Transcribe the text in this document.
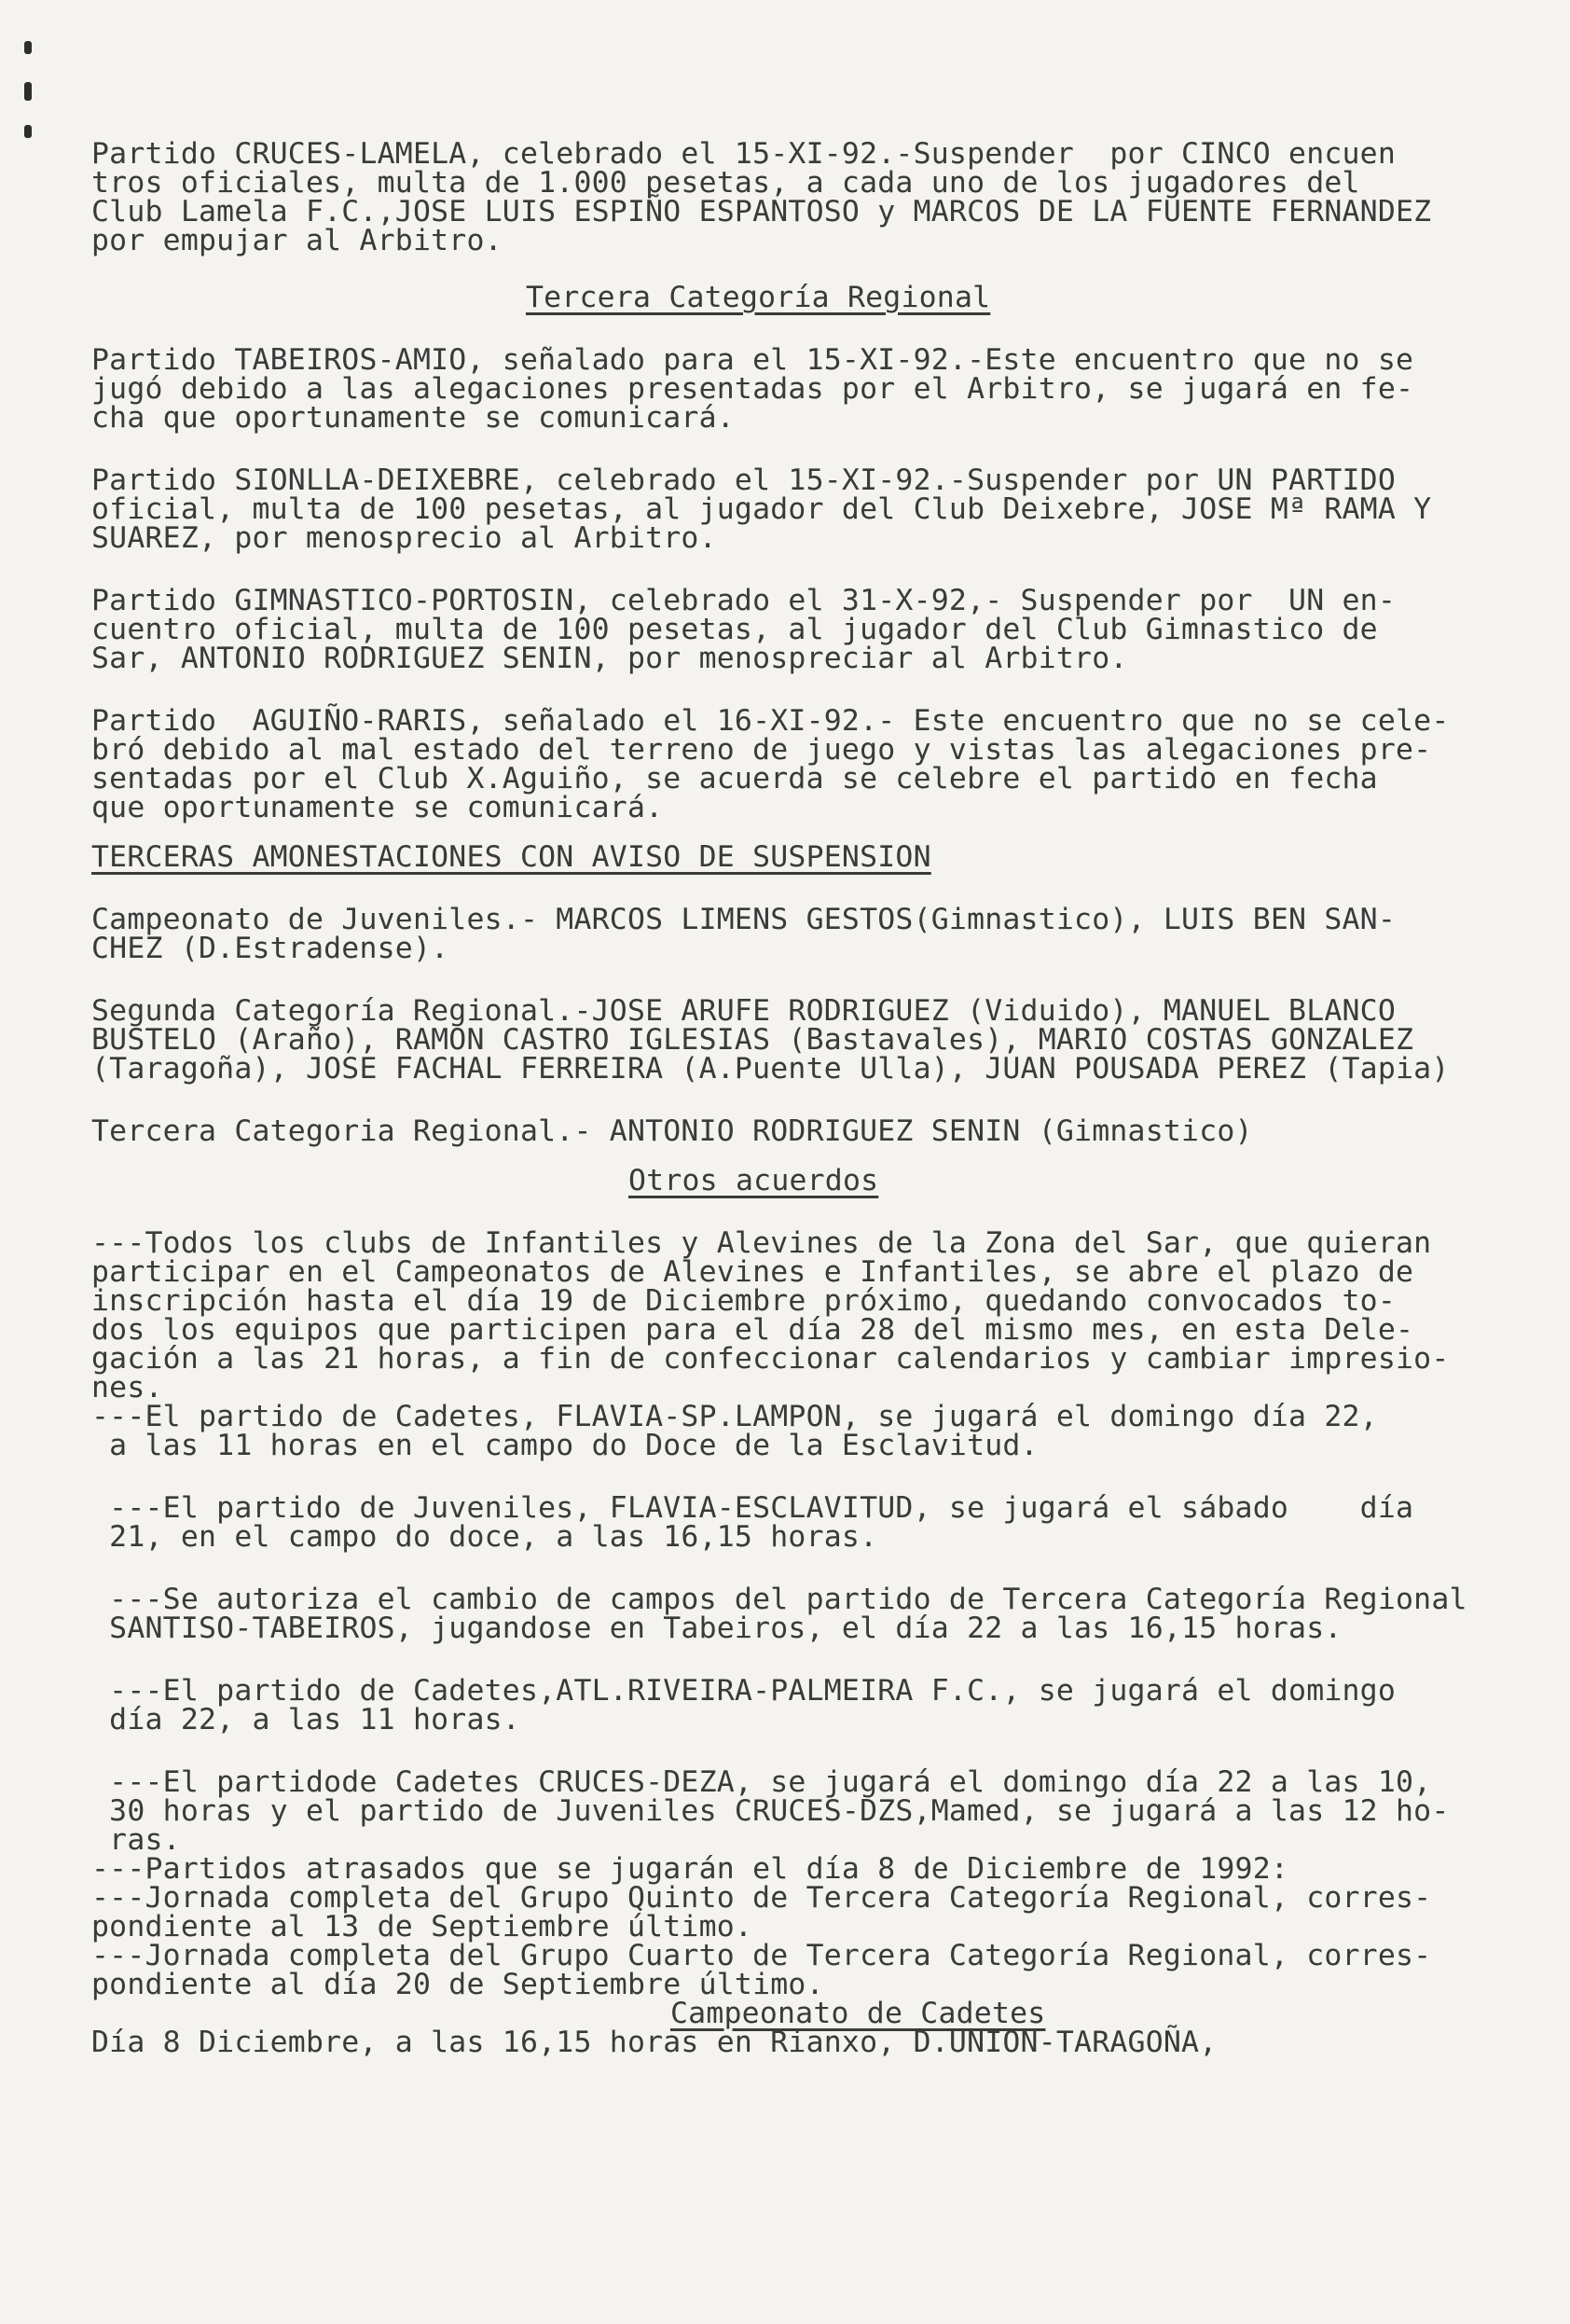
Partido CRUCES-LAMELA, celebrado el 15-XI-92.-Suspender  por CINCO encuen
tros oficiales, multa de 1.000 pesetas, a cada uno de los jugadores del
Club Lamela F.C.,JOSE LUIS ESPIÑO ESPANTOSO y MARCOS DE LA FUENTE FERNANDEZ
por empujar al Arbitro.
Tercera Categoría Regional
Partido TABEIROS-AMIO, señalado para el 15-XI-92.-Este encuentro que no se
jugó debido a las alegaciones presentadas por el Arbitro, se jugará en fe-
cha que oportunamente se comunicará.
Partido SIONLLA-DEIXEBRE, celebrado el 15-XI-92.-Suspender por UN PARTIDO
oficial, multa de 100 pesetas, al jugador del Club Deixebre, JOSE Mª RAMA Y
SUAREZ, por menosprecio al Arbitro.
Partido GIMNASTICO-PORTOSIN, celebrado el 31-X-92,- Suspender por  UN en-
cuentro oficial, multa de 100 pesetas, al jugador del Club Gimnastico de
Sar, ANTONIO RODRIGUEZ SENIN, por menospreciar al Arbitro.
Partido  AGUIÑO-RARIS, señalado el 16-XI-92.- Este encuentro que no se cele-
bró debido al mal estado del terreno de juego y vistas las alegaciones pre-
sentadas por el Club X.Aguiño, se acuerda se celebre el partido en fecha
que oportunamente se comunicará.
TERCERAS AMONESTACIONES CON AVISO DE SUSPENSION
Campeonato de Juveniles.- MARCOS LIMENS GESTOS(Gimnastico), LUIS BEN SAN-
CHEZ (D.Estradense).
Segunda Categoría Regional.-JOSE ARUFE RODRIGUEZ (Viduido), MANUEL BLANCO
BUSTELO (Araño), RAMON CASTRO IGLESIAS (Bastavales), MARIO COSTAS GONZALEZ
(Taragoña), JOSE FACHAL FERREIRA (A.Puente Ulla), JUAN POUSADA PEREZ (Tapia)
Tercera Categoria Regional.- ANTONIO RODRIGUEZ SENIN (Gimnastico)
Otros acuerdos
---Todos los clubs de Infantiles y Alevines de la Zona del Sar, que quieran
participar en el Campeonatos de Alevines e Infantiles, se abre el plazo de
inscripción hasta el día 19 de Diciembre próximo, quedando convocados to-
dos los equipos que participen para el día 28 del mismo mes, en esta Dele-
gación a las 21 horas, a fin de confeccionar calendarios y cambiar impresio-
nes.
---El partido de Cadetes, FLAVIA-SP.LAMPON, se jugará el domingo día 22,
a las 11 horas en el campo do Doce de la Esclavitud.
---El partido de Juveniles, FLAVIA-ESCLAVITUD, se jugará el sábado    día
21, en el campo do doce, a las 16,15 horas.
---Se autoriza el cambio de campos del partido de Tercera Categoría Regional
SANTISO-TABEIROS, jugandose en Tabeiros, el día 22 a las 16,15 horas.
---El partido de Cadetes,ATL.RIVEIRA-PALMEIRA F.C., se jugará el domingo
día 22, a las 11 horas.
---El partidode Cadetes CRUCES-DEZA, se jugará el domingo día 22 a las 10,
30 horas y el partido de Juveniles CRUCES-DZS,Mamed, se jugará a las 12 ho-
ras.
---Partidos atrasados que se jugarán el día 8 de Diciembre de 1992:
---Jornada completa del Grupo Quinto de Tercera Categoría Regional, corres-
pondiente al 13 de Septiembre último.
---Jornada completa del Grupo Cuarto de Tercera Categoría Regional, corres-
pondiente al día 20 de Septiembre último.
Campeonato de Cadetes
Día 8 Diciembre, a las 16,15 horas en Rianxo, D.UNION-TARAGOÑA,
